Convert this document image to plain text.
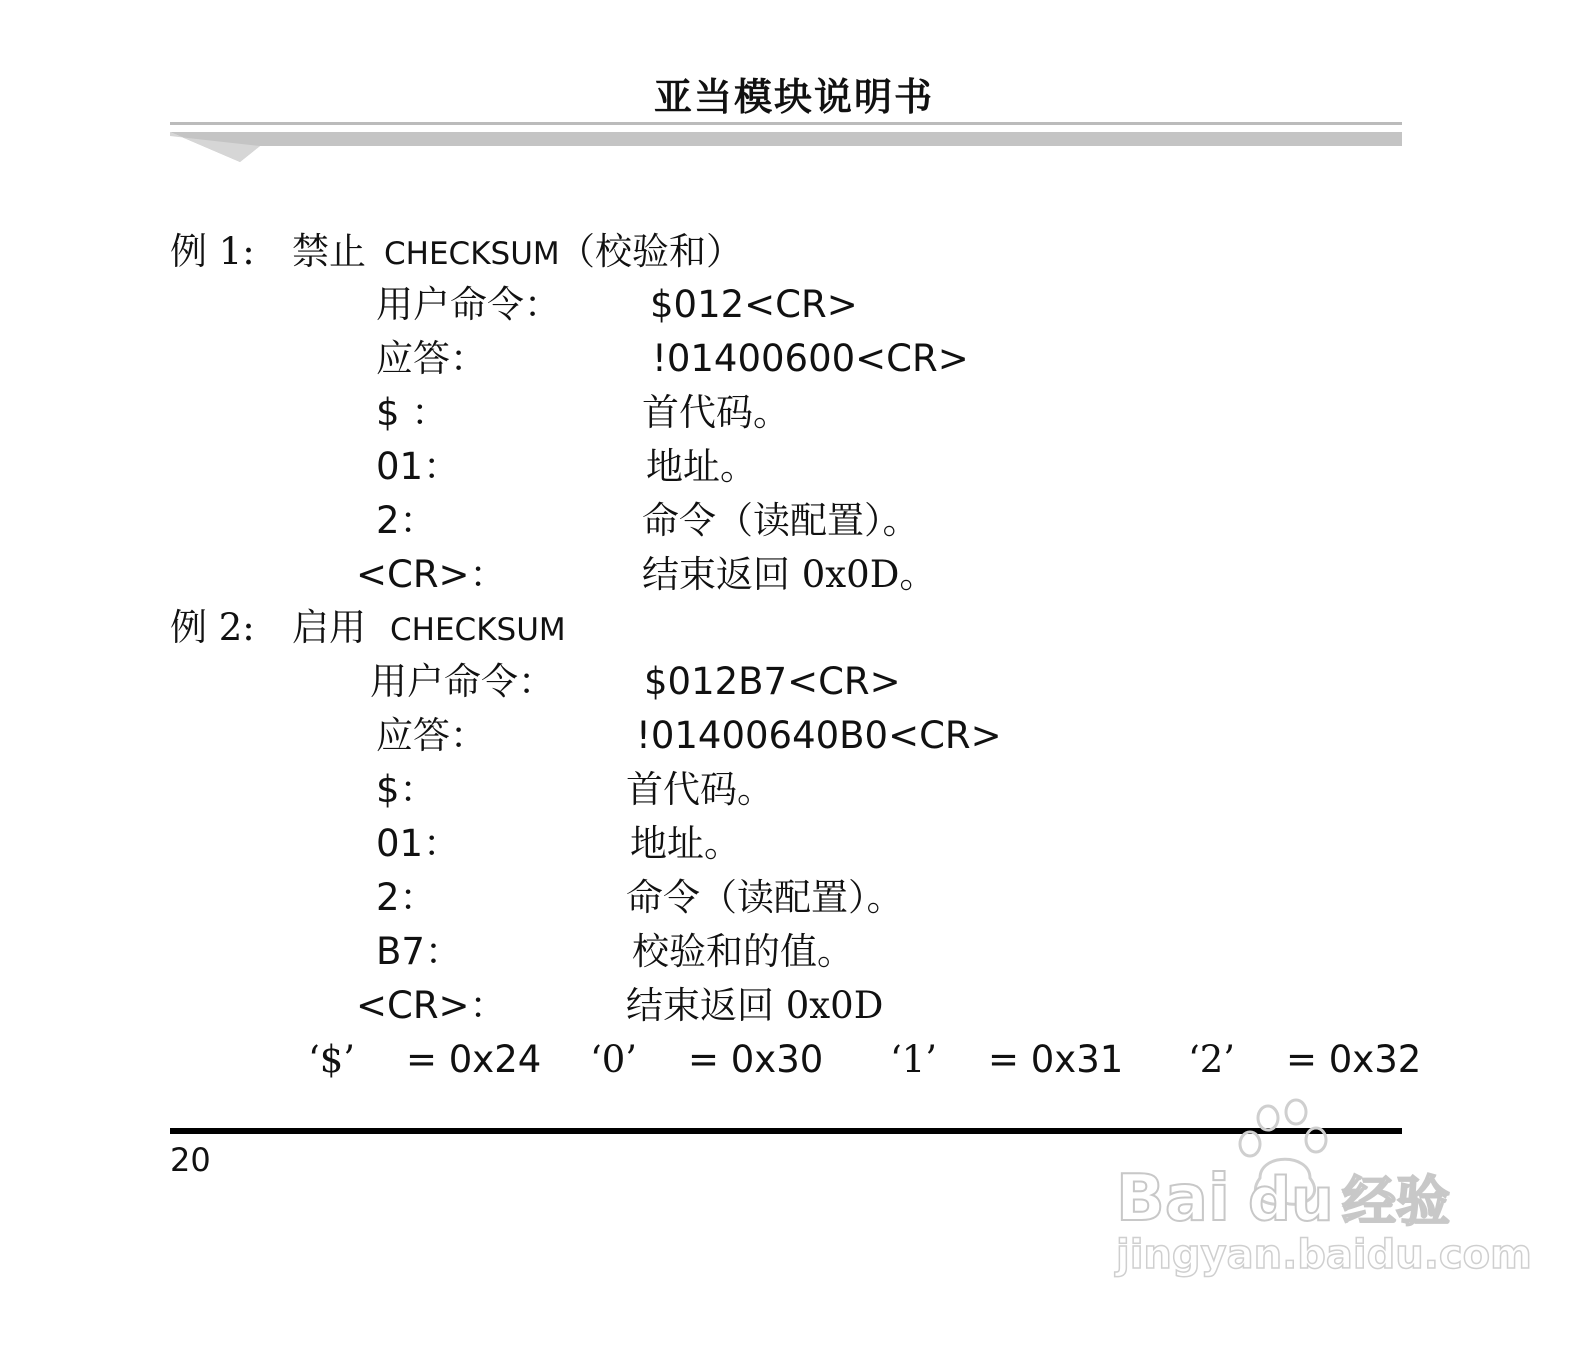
亚当模块说明书
例 1: 禁止 CHECKSUM
（校验和）
用户命令： $012<CR>
应答：	!01400600<CR>
$ ：	首代码。
01：	地址。
2：	命令（读配置）。
<CR>：	结束返回 0x0D。
例 2: 启用 CHECKSUM
用户命令： $012B7<CR>
应答：	!01400640B0<CR>
$：	首代码。
01：	地址。
2：	命令（读配置）。
B7：	校验和的值。
<CR>：	结束返回 0x0D
‘$’ = 0x24 ‘0’ = 0x30 ‘1’ = 0x31 ‘2’ = 0x32
20
Bai du 经验
jingyan.baidu.com
